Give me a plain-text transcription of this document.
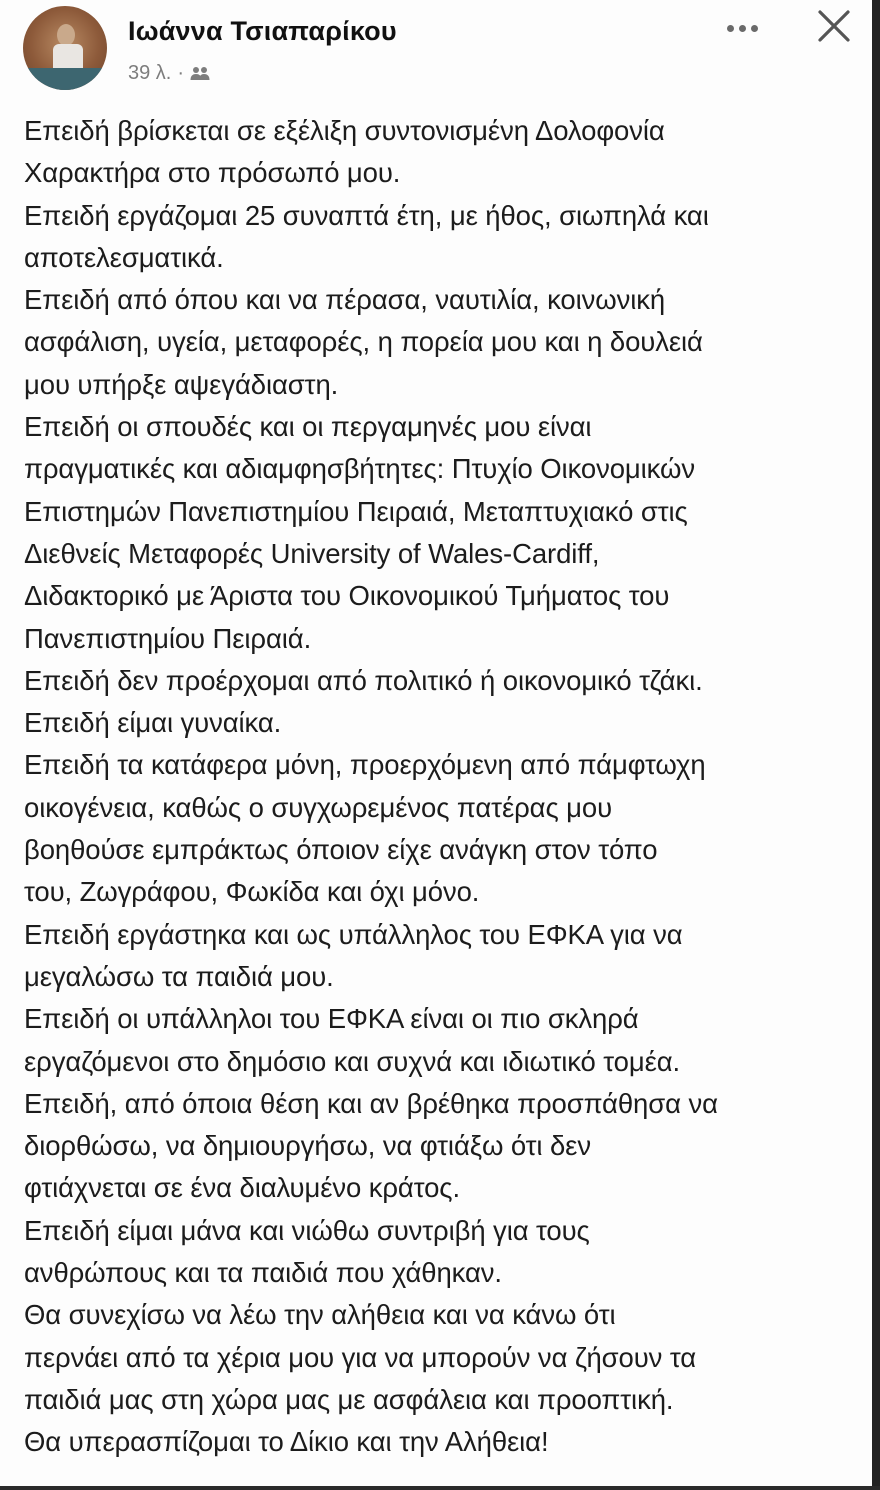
Ιωάννα Τσιαπαρίκου
39 λ. ·
Επειδή βρίσκεται σε εξέλιξη συντονισμένη Δολοφονία
Χαρακτήρα στο πρόσωπό μου.
Επειδή εργάζομαι 25 συναπτά έτη, με ήθος, σιωπηλά και
αποτελεσματικά.
Επειδή από όπου και να πέρασα, ναυτιλία, κοινωνική
ασφάλιση, υγεία, μεταφορές, η πορεία μου και η δουλειά
μου υπήρξε αψεγάδιαστη.
Επειδή οι σπουδές και οι περγαμηνές μου είναι
πραγματικές και αδιαμφησβήτητες: Πτυχίο Οικονομικών
Επιστημών Πανεπιστημίου Πειραιά, Μεταπτυχιακό στις
Διεθνείς Μεταφορές University of Wales-Cardiff,
Διδακτορικό με Άριστα του Οικονομικού Τμήματος του
Πανεπιστημίου Πειραιά.
Επειδή δεν προέρχομαι από πολιτικό ή οικονομικό τζάκι.
Επειδή είμαι γυναίκα.
Επειδή τα κατάφερα μόνη, προερχόμενη από πάμφτωχη
οικογένεια, καθώς ο συγχωρεμένος πατέρας μου
βοηθούσε εμπράκτως όποιον είχε ανάγκη στον τόπο
του, Ζωγράφου, Φωκίδα και όχι μόνο.
Επειδή εργάστηκα και ως υπάλληλος του ΕΦΚΑ για να
μεγαλώσω τα παιδιά μου.
Επειδή οι υπάλληλοι του ΕΦΚΑ είναι οι πιο σκληρά
εργαζόμενοι στο δημόσιο και συχνά και ιδιωτικό τομέα.
Επειδή, από όποια θέση και αν βρέθηκα προσπάθησα να
διορθώσω, να δημιουργήσω, να φτιάξω ότι δεν
φτιάχνεται σε ένα διαλυμένο κράτος.
Επειδή είμαι μάνα και νιώθω συντριβή για τους
ανθρώπους και τα παιδιά που χάθηκαν.
Θα συνεχίσω να λέω την αλήθεια και να κάνω ότι
περνάει από τα χέρια μου για να μπορούν να ζήσουν τα
παιδιά μας στη χώρα μας με ασφάλεια και προοπτική.
Θα υπερασπίζομαι το Δίκιο και την Αλήθεια!
